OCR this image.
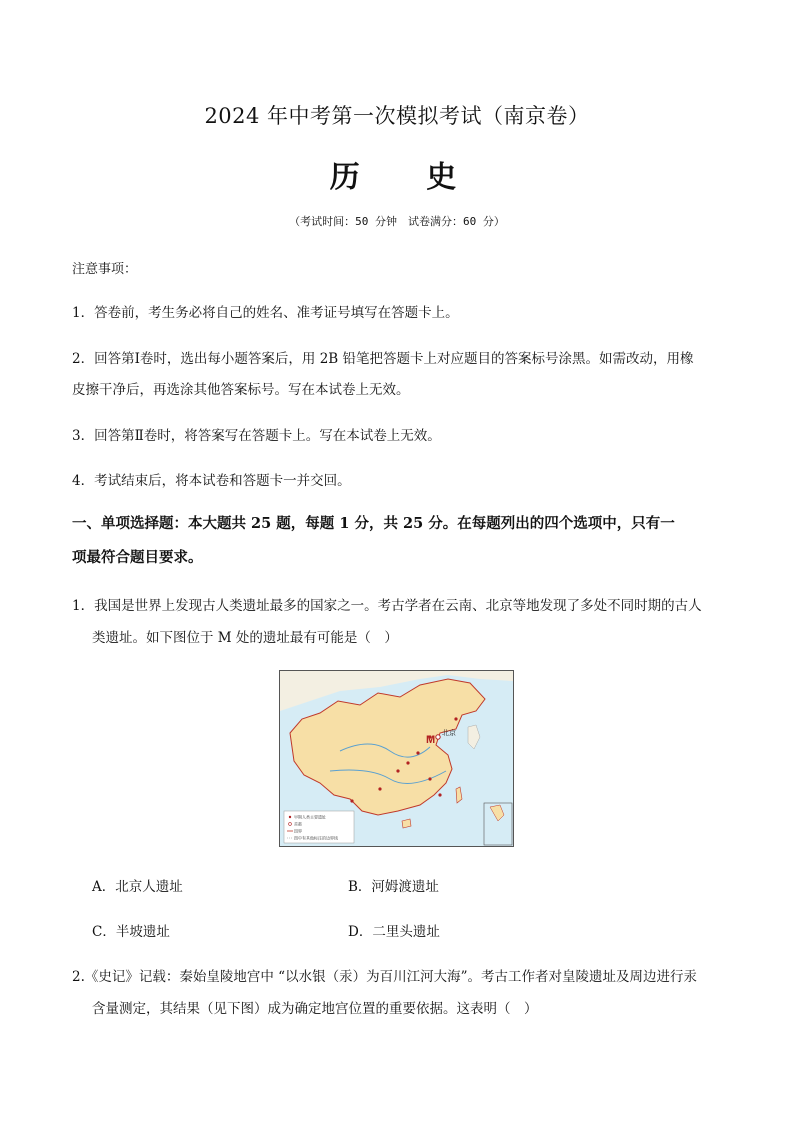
2024 年中考第一次模拟考试（南京卷）
历 史
（考试时间：50 分钟　试卷满分：60 分）
注意事项：
1．答卷前，考生务必将自己的姓名、准考证号填写在答题卡上。
2．回答第Ⅰ卷时，选出每小题答案后，用 2B 铅笔把答题卡上对应题目的答案标号涂黑。如需改动，用橡
皮擦干净后，再选涂其他答案标号。写在本试卷上无效。
3．回答第Ⅱ卷时，将答案写在答题卡上。写在本试卷上无效。
4．考试结束后，将本试卷和答题卡一并交回。
一、单项选择题：本大题共 25 题，每题 1 分，共 25 分。在每题列出的四个选项中，只有一
项最符合题目要求。
1．我国是世界上发现古人类遗址最多的国家之一。考古学者在云南、北京等地发现了多处不同时期的古人
类遗址。如下图位于 M 处的遗址最有可能是（　）
M
北京
早期人类主要遗址
首都
国界
图中有其他标注的边界线
A．北京人遗址	B．河姆渡遗址
C．半坡遗址	D．二里头遗址
2.《史记》记载：秦始皇陵地宫中 “以水银（汞）为百川江河大海”。考古工作者对皇陵遗址及周边进行汞
含量测定，其结果（见下图）成为确定地宫位置的重要依据。这表明（　）
